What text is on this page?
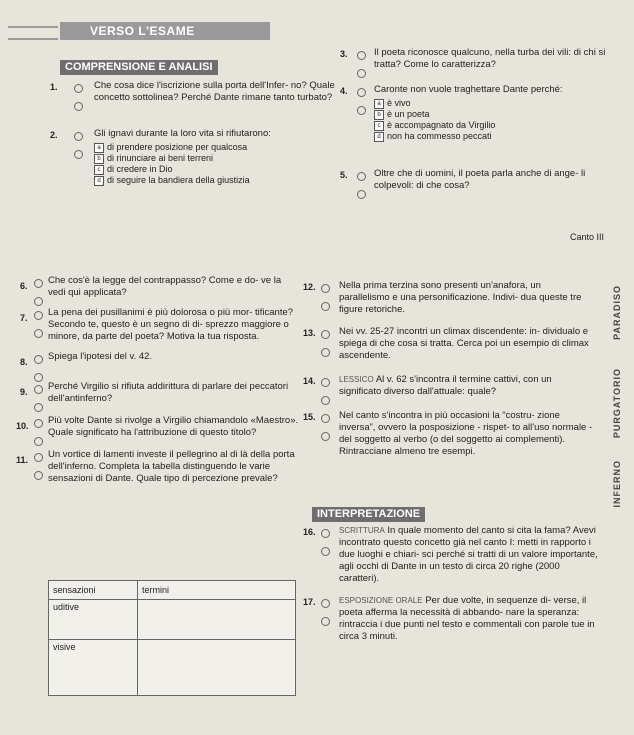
VERSO L'ESAME
COMPRENSIONE E ANALISI
1.	Che cosa dice l'iscrizione sulla porta dell'Infer- no? Quale concetto sottolinea? Perché Dante rimane tanto turbato?
2.	Gli ignavi durante la loro vita si rifiutarono:
a di prendere posizione per qualcosa
b di rinunciare ai beni terreni
c di credere in Dio
d di seguire la bandiera della giustizia
3.	Il poeta riconosce qualcuno, nella turba dei vili: di chi si tratta? Come lo caratterizza?
4.	Caronte non vuole traghettare Dante perché:
a è vivo
b è un poeta
c è accompagnato da Virgilio
d non ha commesso peccati
5.	Oltre che di uomini, il poeta parla anche di ange- li colpevoli: di che cosa?
Canto III
6. Che cos'è la legge del contrappasso? Come e do- ve la vedi qui applicata?
7. La pena dei pusillanimi è più dolorosa o più mor- tificante? Secondo te, questo è un segno di di- sprezzo maggiore o minore, da parte del poeta? Motiva la tua risposta.
8. Spiega l'ipotesi del v. 42.
9. Perché Virgilio si rifiuta addirittura di parlare dei peccatori dell'antinferno?
10. Più volte Dante si rivolge a Virgilio chiamandolo «Maestro». Quale significato ha l'attribuzione di questo titolo?
11. Un vortice di lamenti investe il pellegrino al di là della porta dell'inferno. Completa la tabella distinguendo le varie sensazioni di Dante. Quale tipo di percezione prevale?
sensazioni	termini
uditive	
visive	
12. Nella prima terzina sono presenti un'anafora, un parallelismo e una personificazione. Indivi- dua queste tre figure retoriche.
13. Nei vv. 25-27 incontri un climax discendente: in- dividualo e spiega di che cosa si tratta. Cerca poi un esempio di climax ascendente.
14.	LESSICO Al v. 62 s'incontra il termine cattivi, con un significato diverso dall'attuale: quale?
15. Nel canto s'incontra in più occasioni la “costru- zione inversa”, ovvero la posposizione - rispet- to all'uso normale - del soggetto al verbo (o del soggetto ai complementi). Rintracciane almeno tre esempi.
INTERPRETAZIONE
16.	SCRITTURA In quale momento del canto si cita la fama? Avevi incontrato questo concetto già nel canto I: metti in rapporto i due luoghi e chiari- sci perché si tratti di un valore importante, agli occhi di Dante in un testo di circa 20 righe (2000 caratteri).
17.	ESPOSIZIONE ORALE Per due volte, in sequenze di- verse, il poeta afferma la necessità di abbando- nare la speranza: rintraccia i due punti nel testo e commentali con parole tue in circa 3 minuti.
PARADISO
PURGATORIO
INFERNO
